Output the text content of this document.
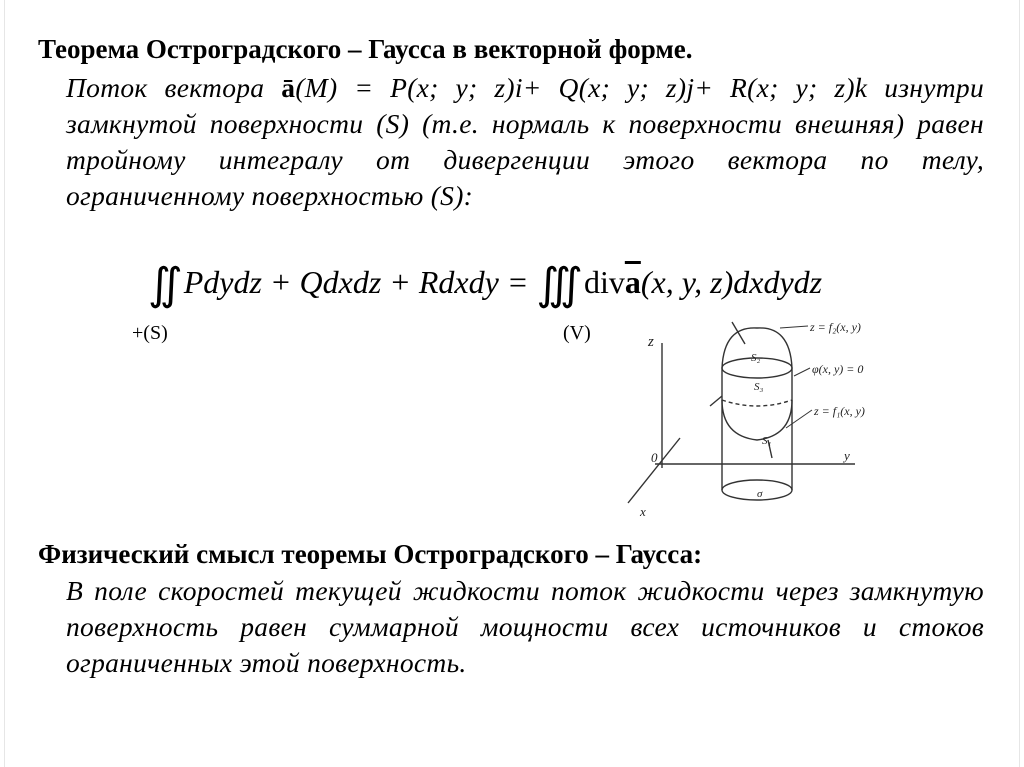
Теорема Остроградского – Гаусса в векторной форме.
Поток вектора ā(M) = P(x; y; z)i+ Q(x; y; z)j+ R(x; y; z)k изнутри замкнутой поверхности (S) (т.е. нормаль к поверхности внешняя) равен тройному интегралу от дивергенции этого вектора по телу, ограниченному поверхностью (S):
∬ Pdydz + Qdxdz + Rdxdy = ∭ $div\overline{a}(x$, y, z)dxdydz
+(S)	(V)	z
y
x
0
z = f₂(x, y)
φ(x, y) = 0
z = f₁(x, y)
S₂
S₃
S₁
σ
Физический смысл теоремы Остроградского – Гаусса:
В поле скоростей текущей жидкости поток жидкости через замкнутую поверхность равен суммарной мощности всех источников и стоков ограниченных этой поверхность.
